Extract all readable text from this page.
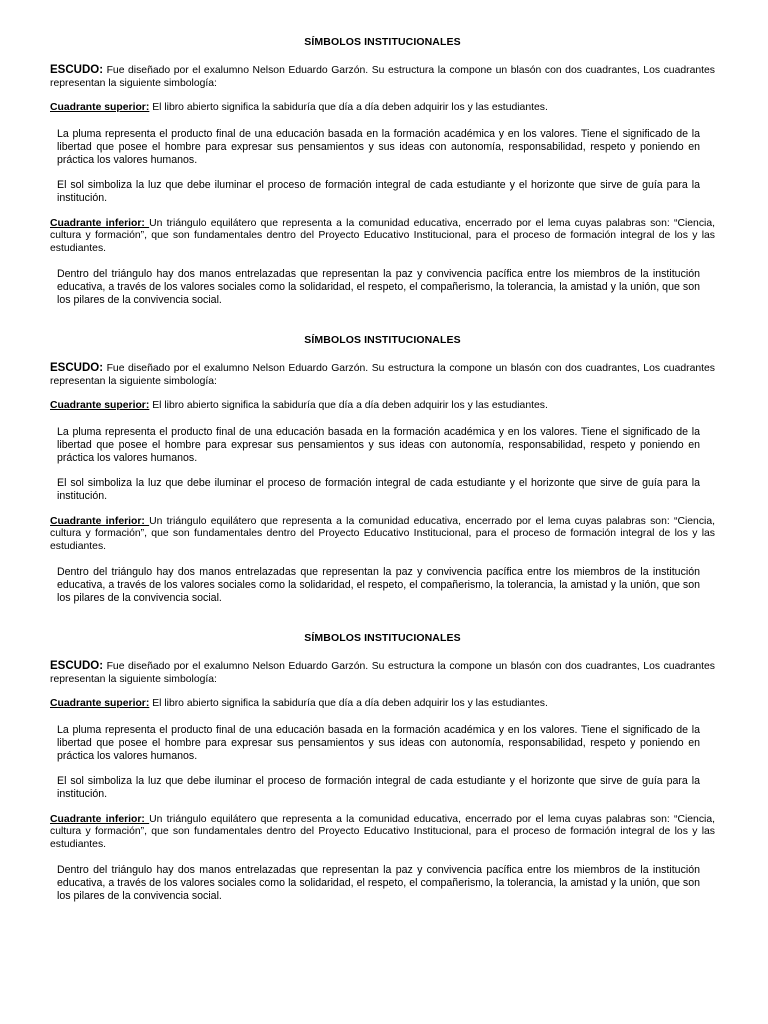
SÍMBOLOS INSTITUCIONALES

ESCUDO: Fue diseñado por el exalumno Nelson Eduardo Garzón. Su estructura la compone un blasón con dos cuadrantes, Los cuadrantes representan la siguiente simbología:

Cuadrante superior: El libro abierto significa la sabiduría que día a día deben adquirir los y las estudiantes.

La pluma representa el producto final de una educación basada en la formación académica y en los valores. Tiene el significado de la libertad que posee el hombre para expresar sus pensamientos y sus ideas con autonomía, responsabilidad, respeto y poniendo en práctica los valores humanos.

El sol simboliza la luz que debe iluminar el proceso de formación integral de cada estudiante y el horizonte que sirve de guía para la institución.

Cuadrante inferior: Un triángulo equilátero que representa a la comunidad educativa, encerrado por el lema cuyas palabras son: “Ciencia, cultura y formación”, que son fundamentales dentro del Proyecto Educativo Institucional, para el proceso de formación integral de los y las estudiantes.

Dentro del triángulo hay dos manos entrelazadas que representan la paz y convivencia pacífica entre los miembros de la institución educativa, a través de los valores sociales como la solidaridad, el respeto, el compañerismo, la tolerancia, la amistad y la unión, que son los pilares de la convivencia social.

SÍMBOLOS INSTITUCIONALES

ESCUDO: Fue diseñado por el exalumno Nelson Eduardo Garzón. Su estructura la compone un blasón con dos cuadrantes, Los cuadrantes representan la siguiente simbología:

Cuadrante superior: El libro abierto significa la sabiduría que día a día deben adquirir los y las estudiantes.

La pluma representa el producto final de una educación basada en la formación académica y en los valores. Tiene el significado de la libertad que posee el hombre para expresar sus pensamientos y sus ideas con autonomía, responsabilidad, respeto y poniendo en práctica los valores humanos.

El sol simboliza la luz que debe iluminar el proceso de formación integral de cada estudiante y el horizonte que sirve de guía para la institución.

Cuadrante inferior: Un triángulo equilátero que representa a la comunidad educativa, encerrado por el lema cuyas palabras son: “Ciencia, cultura y formación”, que son fundamentales dentro del Proyecto Educativo Institucional, para el proceso de formación integral de los y las estudiantes.

Dentro del triángulo hay dos manos entrelazadas que representan la paz y convivencia pacífica entre los miembros de la institución educativa, a través de los valores sociales como la solidaridad, el respeto, el compañerismo, la tolerancia, la amistad y la unión, que son los pilares de la convivencia social.

SÍMBOLOS INSTITUCIONALES

ESCUDO: Fue diseñado por el exalumno Nelson Eduardo Garzón. Su estructura la compone un blasón con dos cuadrantes, Los cuadrantes representan la siguiente simbología:

Cuadrante superior: El libro abierto significa la sabiduría que día a día deben adquirir los y las estudiantes.

La pluma representa el producto final de una educación basada en la formación académica y en los valores. Tiene el significado de la libertad que posee el hombre para expresar sus pensamientos y sus ideas con autonomía, responsabilidad, respeto y poniendo en práctica los valores humanos.

El sol simboliza la luz que debe iluminar el proceso de formación integral de cada estudiante y el horizonte que sirve de guía para la institución.

Cuadrante inferior: Un triángulo equilátero que representa a la comunidad educativa, encerrado por el lema cuyas palabras son: “Ciencia, cultura y formación”, que son fundamentales dentro del Proyecto Educativo Institucional, para el proceso de formación integral de los y las estudiantes.

Dentro del triángulo hay dos manos entrelazadas que representan la paz y convivencia pacífica entre los miembros de la institución educativa, a través de los valores sociales como la solidaridad, el respeto, el compañerismo, la tolerancia, la amistad y la unión, que son los pilares de la convivencia social.
